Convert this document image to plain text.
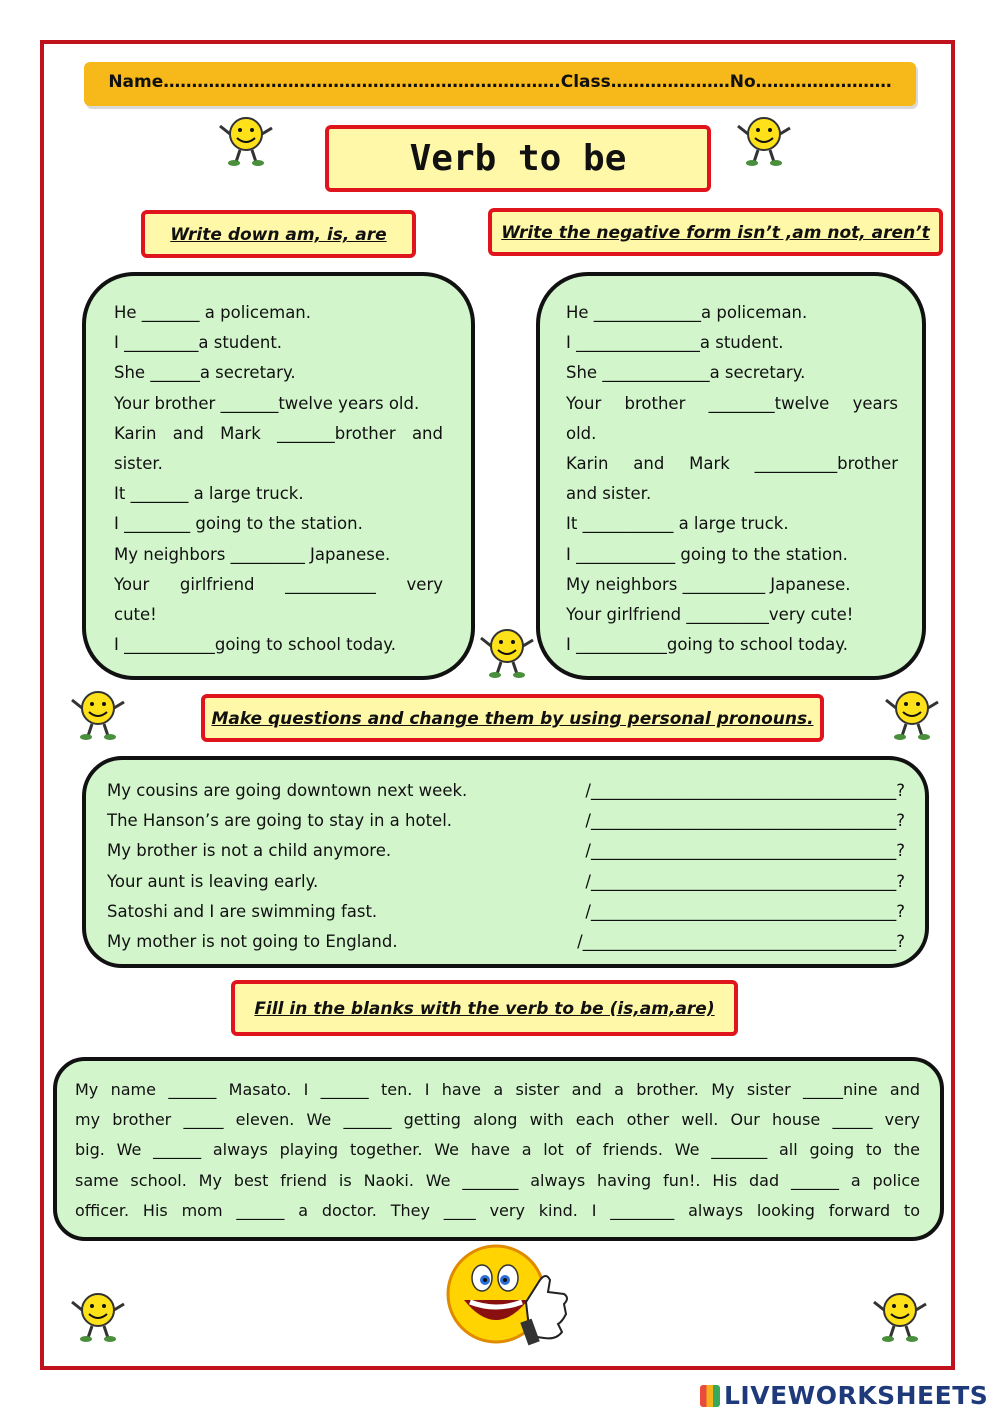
Name…………………………………………………………….Class…………………No……………………
Verb to be
Write down am, is, are
He _______ a policeman.
I _________a student.
She ______a secretary.
Your brother _______twelve years old.
Karin and Mark _______brother and
sister.
It _______ a large truck.
I ________ going to the station.
My neighbors _________ Japanese.
Your girlfriend ___________ very
cute!
I ___________going to school today.
Write the negative form isn’t ,am not, aren’t
He _____________a policeman.
I _______________a student.
She _____________a secretary.
Your brother ________twelve years
old.
Karin and Mark __________brother
and sister.
It ___________ a large truck.
I ____________ going to the station.
My neighbors __________ Japanese.
Your girlfriend __________very cute!
I ___________going to school today.
Make questions and change them by using personal pronouns.
My cousins are going downtown next week.	/_____________________________________?
The Hanson’s are going to stay in a hotel.	/_____________________________________?
My brother is not a child anymore.	/_____________________________________?
Your aunt is leaving early.	/_____________________________________?
Satoshi and I are swimming fast.	/_____________________________________?
My mother is not going to England.	/______________________________________?
Fill in the blanks with the verb to be (is,am,are)
My name ______ Masato. I ______ ten. I have a sister and a brother. My sister _____nine and
my brother _____ eleven. We ______ getting along with each other well. Our house _____ very
big. We ______ always playing together. We have a lot of friends. We _______ all going to the
same school. My best friend is Naoki. We _______ always having fun!. His dad ______ a police
officer. His mom ______ a doctor. They ____ very kind. I ________ always looking forward to
LIVEWORKSHEETS
